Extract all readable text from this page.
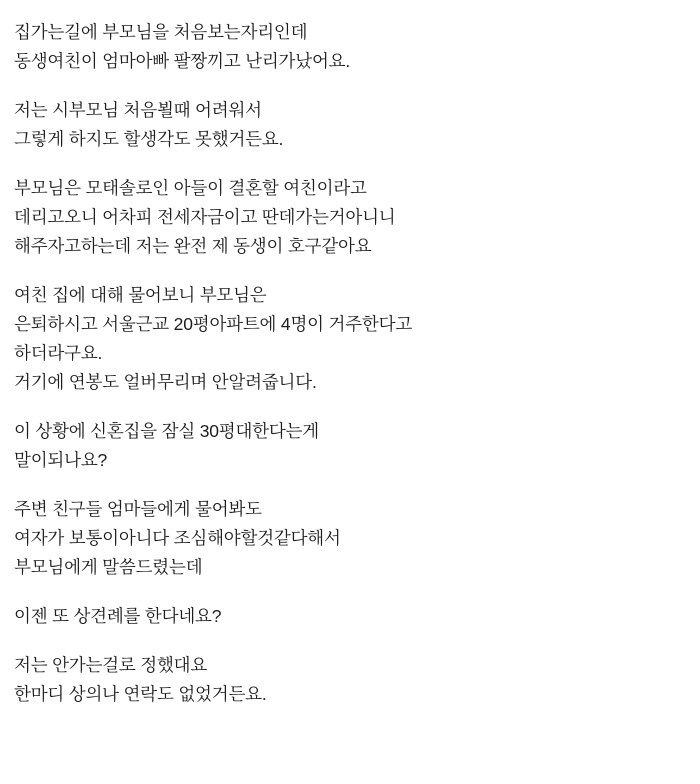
집가는길에 부모님을 처음보는자리인데
동생여친이 엄마아빠 팔짱끼고 난리가났어요.
저는 시부모님 처음뵐때 어려워서
그렇게 하지도 할생각도 못했거든요.
부모님은 모태솔로인 아들이 결혼할 여친이라고
데리고오니 어차피 전세자금이고 딴데가는거아니니
해주자고하는데 저는 완전 제 동생이 호구같아요
여친 집에 대해 물어보니 부모님은
은퇴하시고 서울근교 20평아파트에 4명이 거주한다고
하더라구요.
거기에 연봉도 얼버무리며 안알려줍니다.
이 상황에 신혼집을 잠실 30평대한다는게
말이되나요?
주변 친구들 엄마들에게 물어봐도
여자가 보통이아니다 조심해야할것같다해서
부모님에게 말씀드렸는데
이젠 또 상견례를 한다네요?
저는 안가는걸로 정했대요
한마디 상의나 연락도 없었거든요.
